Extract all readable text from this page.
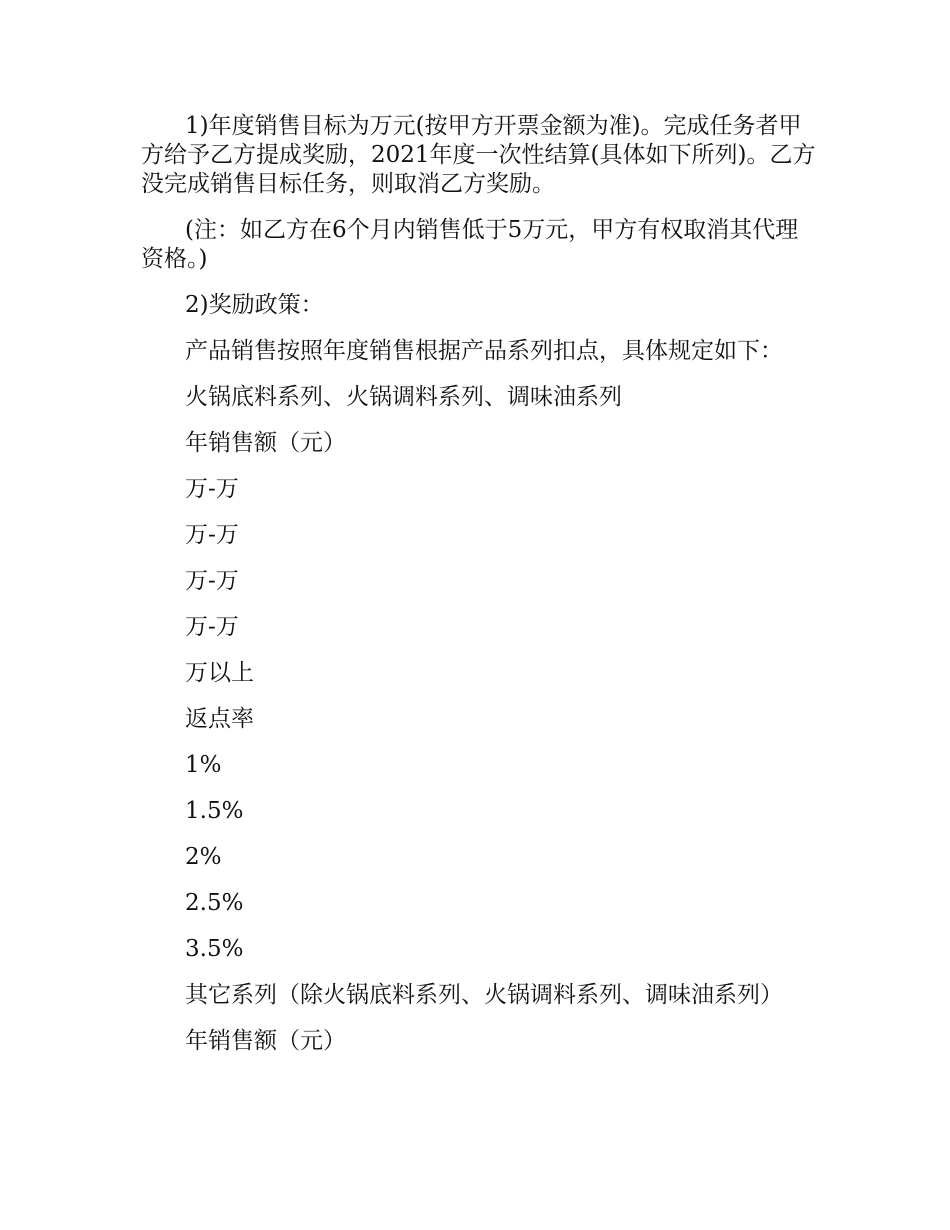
1)年度销售目标为万元(按甲方开票金额为准)。完成任务者甲方给予乙方提成奖励，2021年度一次性结算(具体如下所列)。乙方没完成销售目标任务，则取消乙方奖励。

(注：如乙方在6个月内销售低于5万元，甲方有权取消其代理资格。)

2)奖励政策：

产品销售按照年度销售根据产品系列扣点，具体规定如下：

火锅底料系列、火锅调料系列、调味油系列

年销售额（元）

万-万

万-万

万-万

万-万

万以上

返点率

1%

1.5%

2%

2.5%

3.5%

其它系列（除火锅底料系列、火锅调料系列、调味油系列）

年销售额（元）
